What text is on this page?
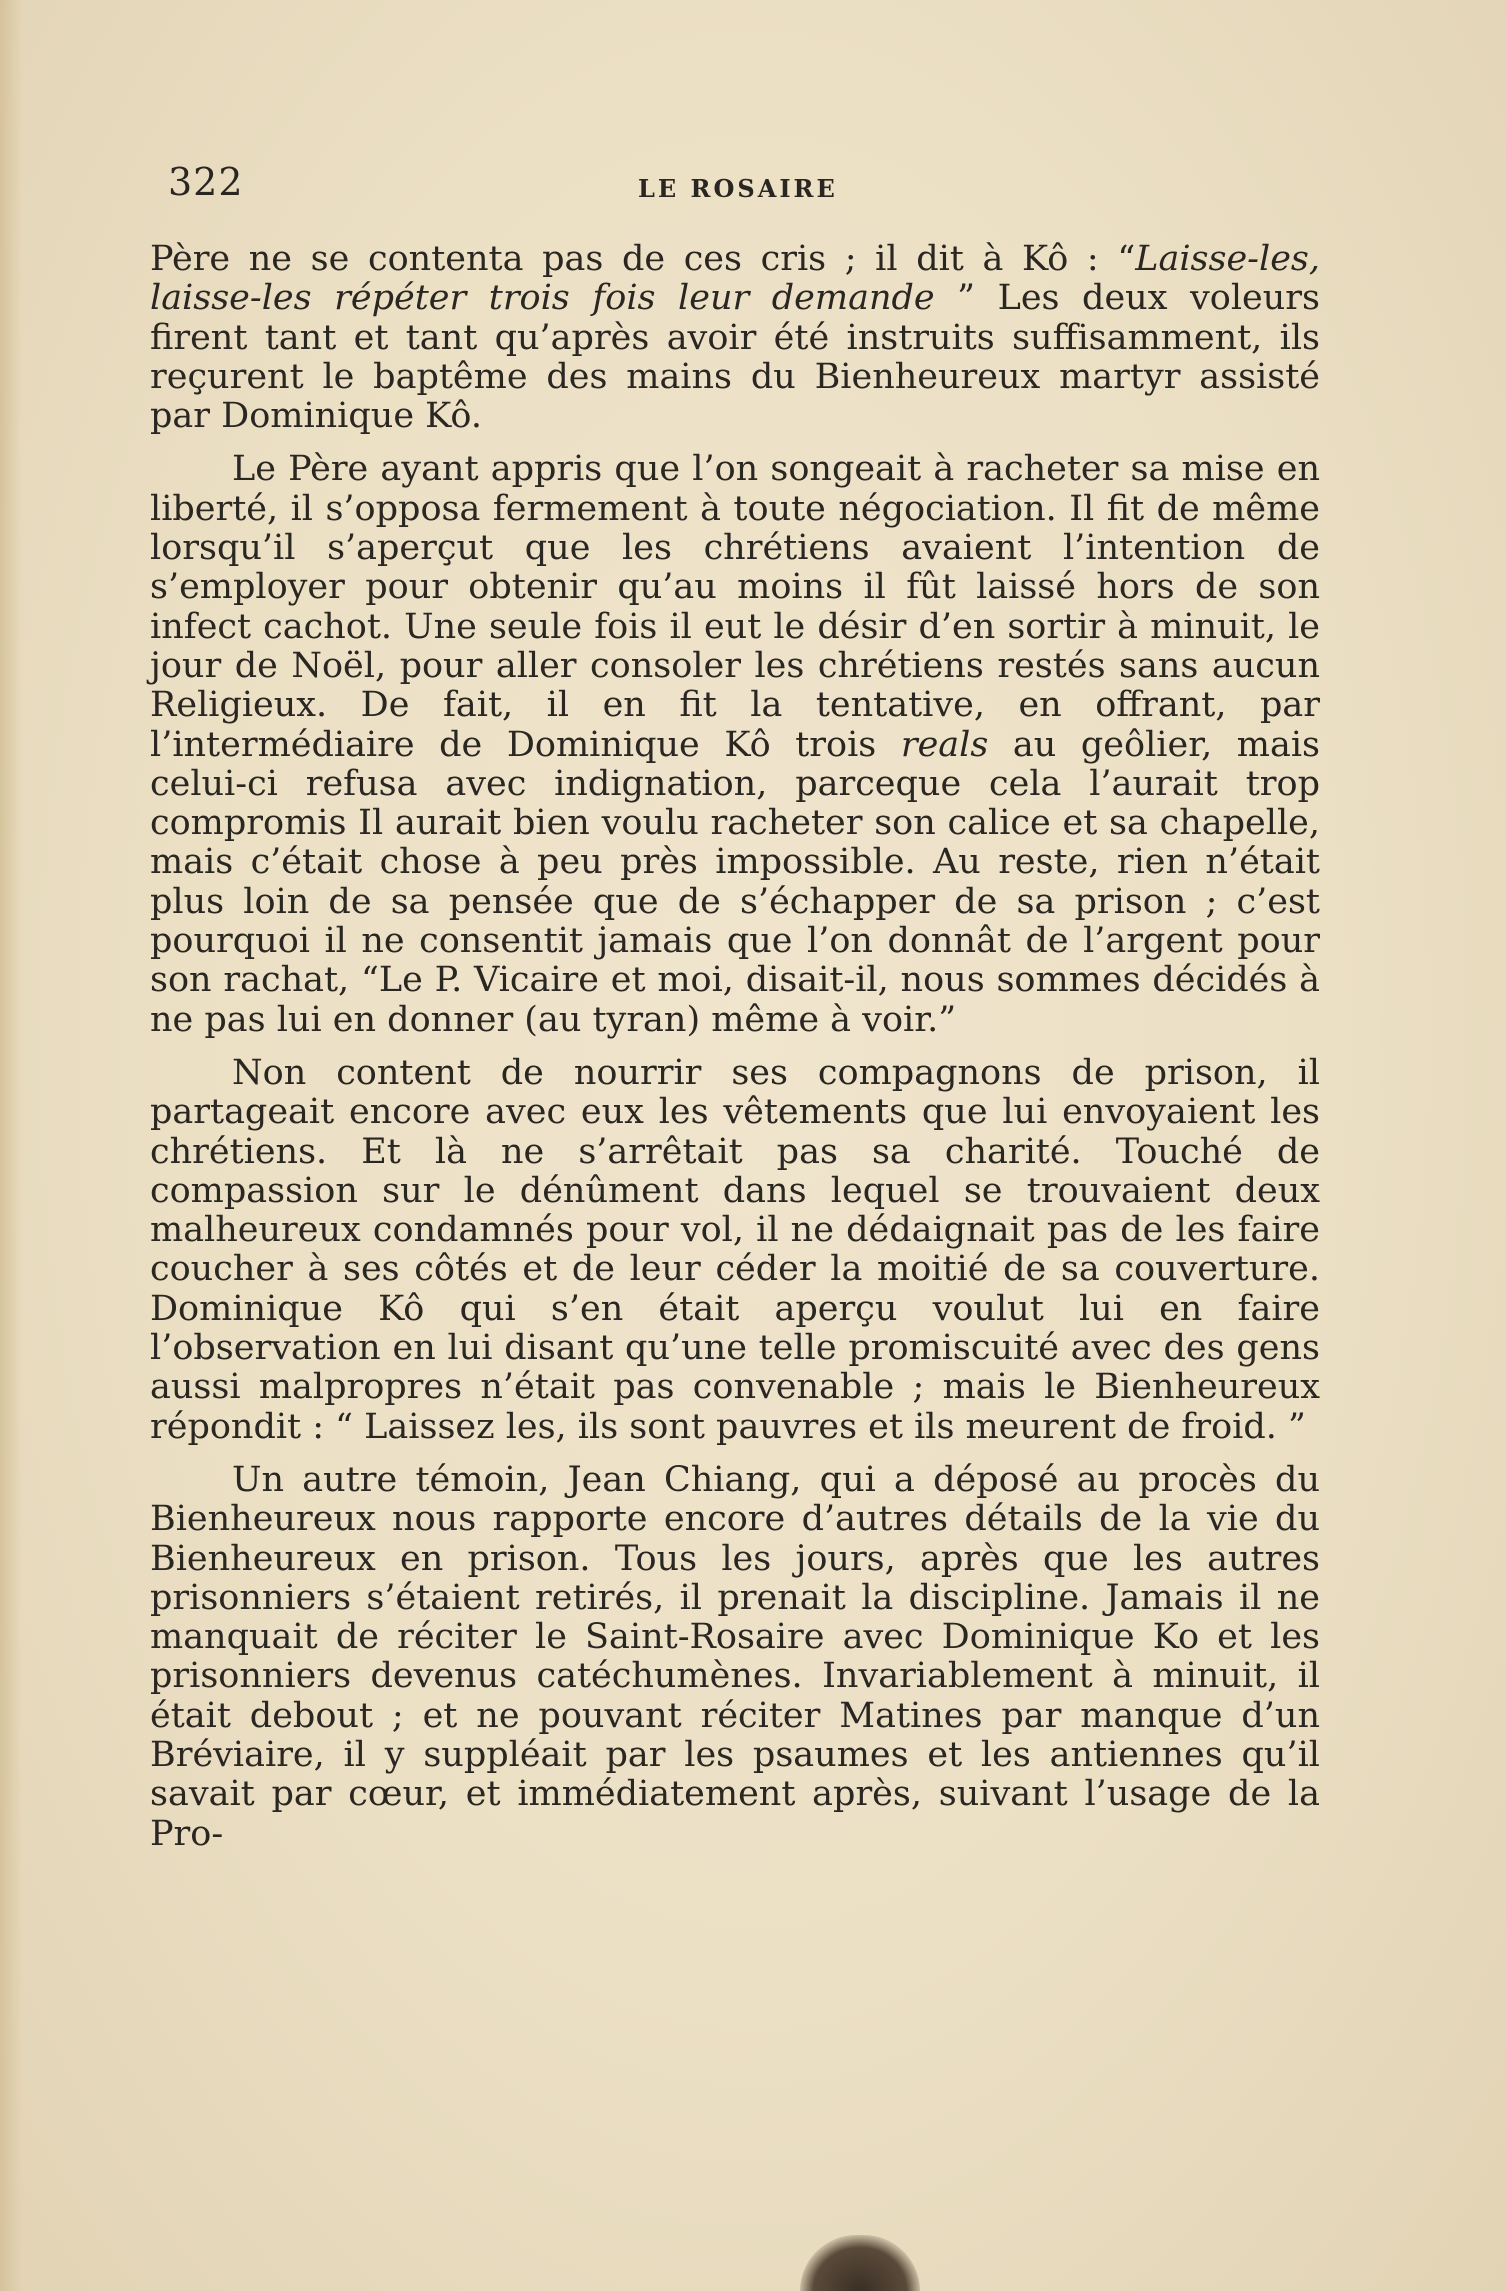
322	LE ROSAIRE

Père ne se contenta pas de ces cris ; il dit à Kô : “Laisse-les, laisse-les répéter trois fois leur demande ” Les deux voleurs firent tant et tant qu’après avoir été instruits suffisamment, ils reçurent le baptême des mains du Bienheureux martyr assisté par Dominique Kô.

Le Père ayant appris que l’on songeait à racheter sa mise en liberté, il s’opposa fermement à toute négociation. Il fit de même lorsqu’il s’aperçut que les chrétiens avaient l’intention de s’employer pour obtenir qu’au moins il fût laissé hors de son infect cachot. Une seule fois il eut le désir d’en sortir à minuit, le jour de Noël, pour aller consoler les chrétiens restés sans aucun Religieux. De fait, il en fit la tentative, en offrant, par l’intermédiaire de Dominique Kô trois reals au geôlier, mais celui-ci refusa avec indignation, parceque cela l’aurait trop compromis Il aurait bien voulu racheter son calice et sa chapelle, mais c’était chose à peu près impossible. Au reste, rien n’était plus loin de sa pensée que de s’échapper de sa prison ; c’est pourquoi il ne consentit jamais que l’on donnât de l’argent pour son rachat, “Le P. Vicaire et moi, disait-il, nous sommes décidés à ne pas lui en donner (au tyran) même à voir.”

Non content de nourrir ses compagnons de prison, il partageait encore avec eux les vêtements que lui envoyaient les chrétiens. Et là ne s’arrêtait pas sa charité. Touché de compassion sur le dénûment dans lequel se trouvaient deux malheureux condamnés pour vol, il ne dédaignait pas de les faire coucher à ses côtés et de leur céder la moitié de sa couverture. Dominique Kô qui s’en était aperçu voulut lui en faire l’observation en lui disant qu’une telle promiscuité avec des gens aussi malpropres n’était pas convenable ; mais le Bienheureux répondit : “ Laissez les, ils sont pauvres et ils meurent de froid. ”

Un autre témoin, Jean Chiang, qui a déposé au procès du Bienheureux nous rapporte encore d’autres détails de la vie du Bienheureux en prison. Tous les jours, après que les autres prisonniers s’étaient retirés, il prenait la discipline. Jamais il ne manquait de réciter le Saint-Rosaire avec Dominique Ko et les prisonniers devenus catéchumènes. Invariablement à minuit, il était debout ; et ne pouvant réciter Matines par manque d’un Bréviaire, il y suppléait par les psaumes et les antiennes qu’il savait par cœur, et immédiatement après, suivant l’usage de la Pro-
